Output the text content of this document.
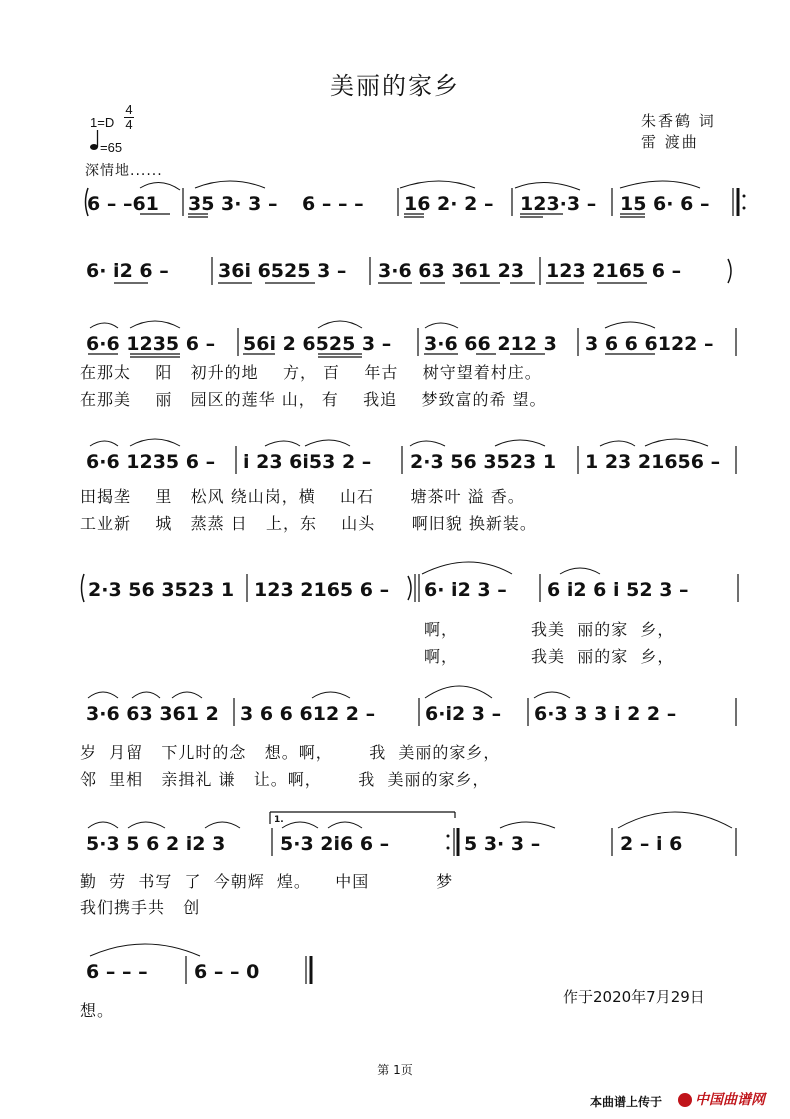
美丽的家乡
1=D
4
4
=65
深情地......
朱香鹤 词
雷 渡曲
6 – –61 35 3· 3 – 6 – – – 16 2· 2 – 123·3 – 15 6· 6 –
6· i2 6 –	36i 6525 3 – 3·6 63 361 23 123 2165 6 –
6·6 1235 6 – 56i 2 6525 3 – 3·6 66 212 3 3 6 6 6122 –
在那太    阳   初升的地    方， 百    年古    树守望着村庄。
在那美    丽   园区的莲华 山， 有    我追    梦致富的希 望。
6·6 1235 6 – i 23 6i53 2 – 2·3 56 3523 1 1 23 21656 –
田揭垄    里   松风 绕山岗，横    山石      塘茶叶 溢 香。
工业新    城   蒸蒸 日   上，东    山头      啊旧貌 换新装。
2·3 56 3523 1 123 2165 6 – 6· i2 3 – 6 i2 6 i 52 3 –
啊，            我美  丽的家  乡，
啊，            我美  丽的家  乡，
3·6 63 361 2 3 6 6 612 2 –	6·i2 3 – 6·3 3 3 i 2 2 –
岁  月留   下儿时的念   想。啊，      我  美丽的家乡，
邻  里相   亲揖礼 谦   让。啊，      我  美丽的家乡，
1.
5·3 5 6 2 i2 3	5·3 2i6 6 –	5 3· 3 –	2 – i 6
勤  劳  书写  了  今朝辉  煌。    中国           梦
我们携手共   创
6 – – – 6 – – 0
想。
作于2020年7月29日
第 1页
本曲谱上传于	中国曲谱网
